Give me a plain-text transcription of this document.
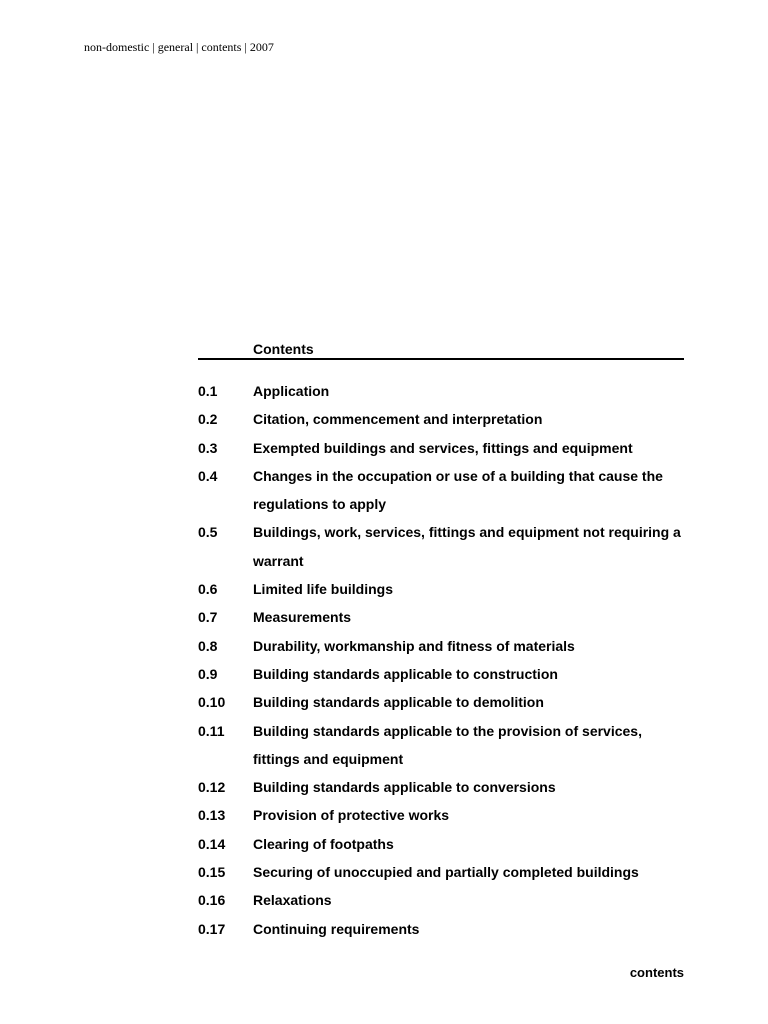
non-domestic | general | contents | 2007
Contents
0.1	Application
0.2	Citation, commencement and interpretation
0.3	Exempted buildings and services, fittings and equipment
0.4	Changes in the occupation or use of a building that cause the regulations to apply
0.5	Buildings, work, services, fittings and equipment not requiring a warrant
0.6	Limited life buildings
0.7	Measurements
0.8	Durability, workmanship and fitness of materials
0.9	Building standards applicable to construction
0.10 Building standards applicable to demolition
0.11 Building standards applicable to the provision of services, fittings and equipment
0.12 Building standards applicable to conversions
0.13 Provision of protective works
0.14 Clearing of footpaths
0.15 Securing of unoccupied and partially completed buildings
0.16 Relaxations
0.17 Continuing requirements
contents
